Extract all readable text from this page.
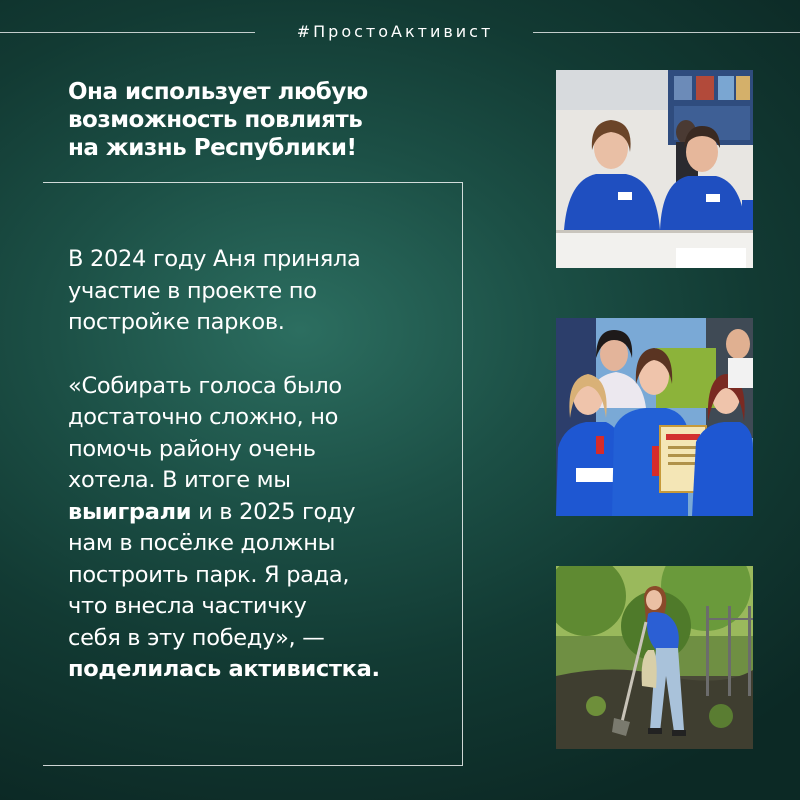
#ПростоАктивист
Она использует любую
возможность повлиять
на жизнь Республики!

В 2024 году Аня приняла
участие в проекте по
постройке парков.

«Собирать голоса было
достаточно сложно, но
помочь району очень
хотела. В итоге мы
выиграли и в 2025 году
нам в посёлке должны
построить парк. Я рада,
что внесла частичку
себя в эту победу», —
поделилась активистка.
